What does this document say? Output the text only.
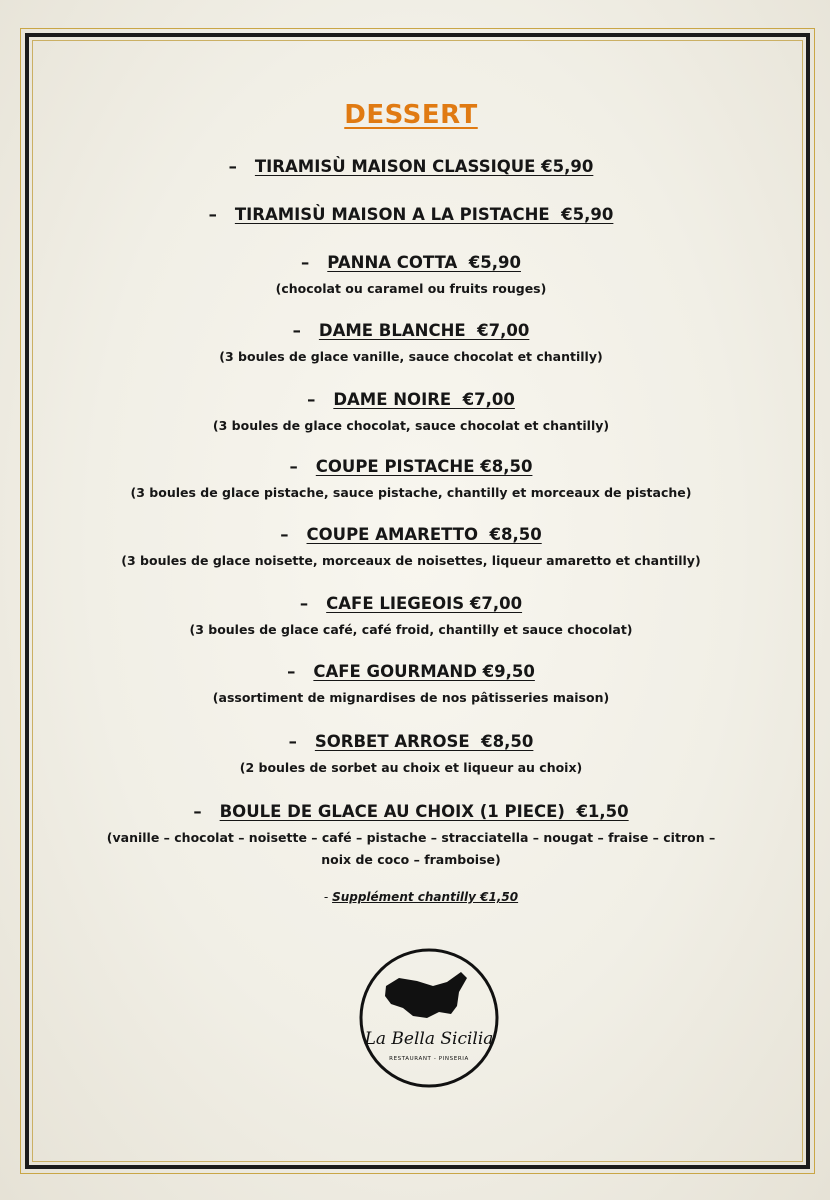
DESSERT
– TIRAMISÙ MAISON CLASSIQUE €5,90
– TIRAMISÙ MAISON A LA PISTACHE  €5,90
– PANNA COTTA  €5,90
(chocolat ou caramel ou fruits rouges)
– DAME BLANCHE  €7,00
(3 boules de glace vanille, sauce chocolat et chantilly)
– DAME NOIRE  €7,00
(3 boules de glace chocolat, sauce chocolat et chantilly)
– COUPE PISTACHE €8,50
(3 boules de glace pistache, sauce pistache, chantilly et morceaux de pistache)
– COUPE AMARETTO  €8,50
(3 boules de glace noisette, morceaux de noisettes, liqueur amaretto et chantilly)
– CAFE LIEGEOIS €7,00
(3 boules de glace café, café froid, chantilly et sauce chocolat)
– CAFE GOURMAND €9,50
(assortiment de mignardises de nos pâtisseries maison)
– SORBET ARROSE  €8,50
(2 boules de sorbet au choix et liqueur au choix)
– BOULE DE GLACE AU CHOIX (1 PIECE)  €1,50
(vanille – chocolat – noisette – café – pistache – stracciatella – nougat – fraise – citron – noix de coco – framboise)
- Supplément chantilly €1,50
La Bella Sicilia
RESTAURANT - PINSERIA
